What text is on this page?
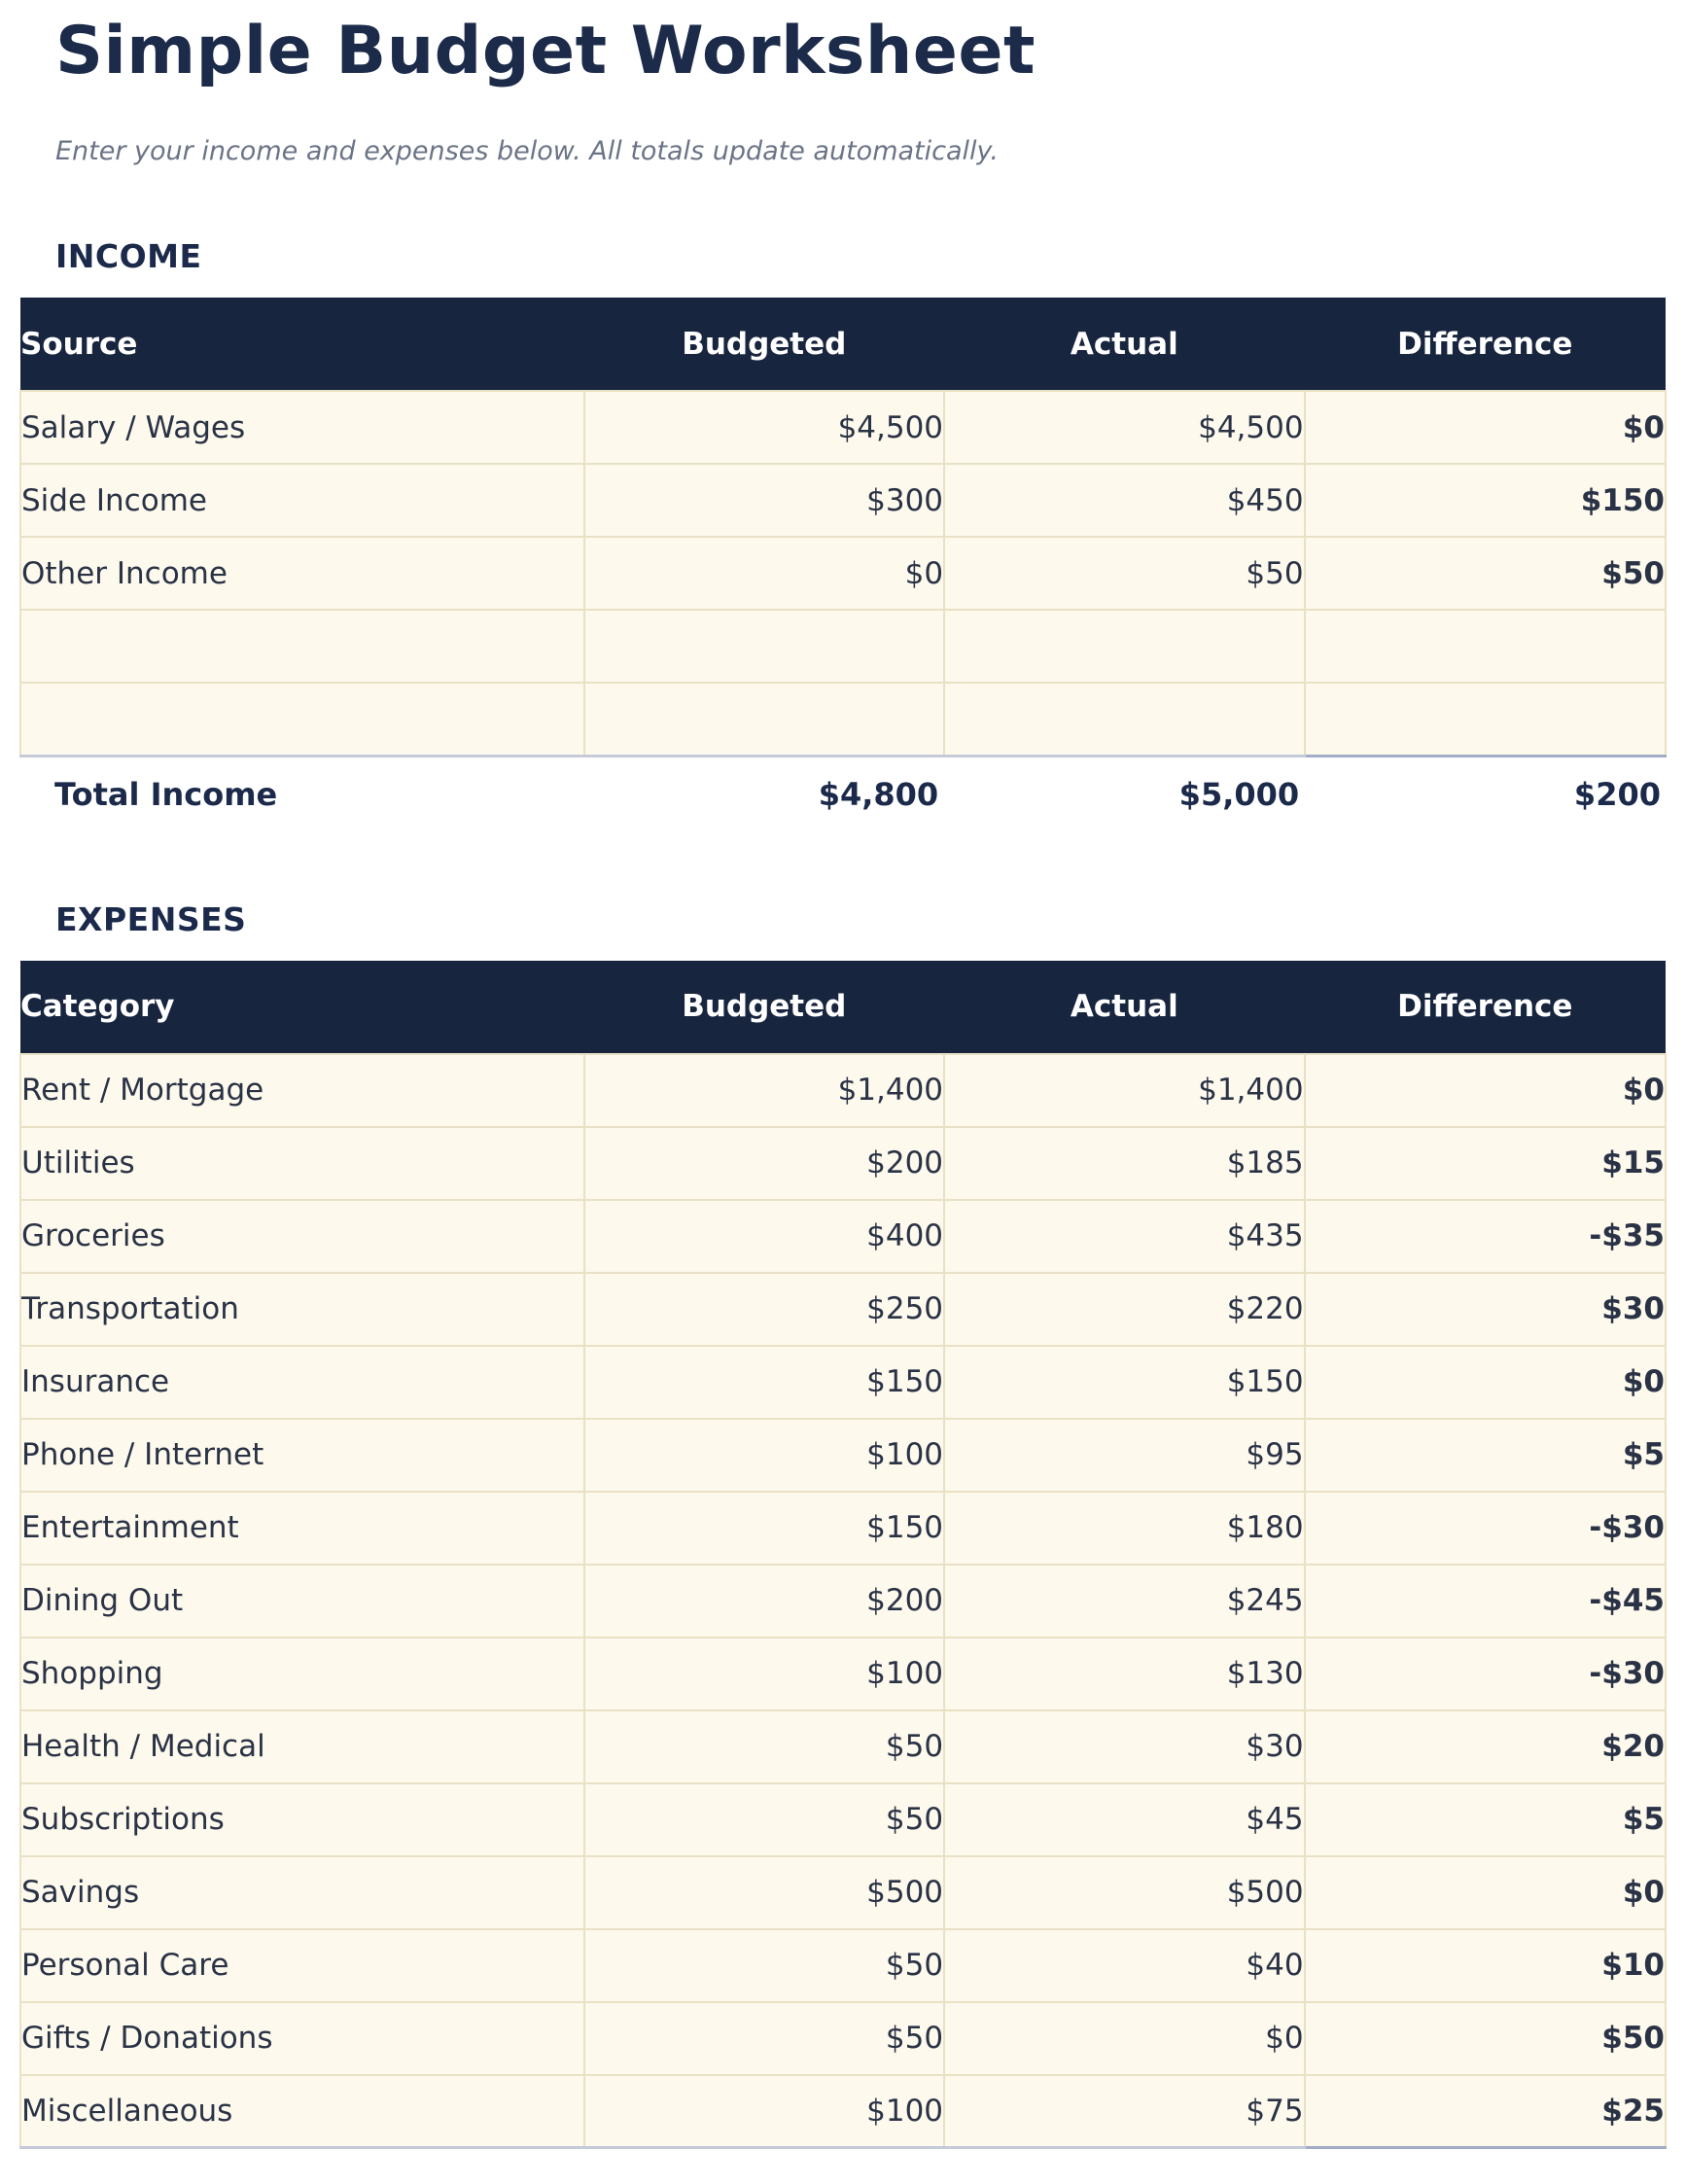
Simple Budget Worksheet

Enter your income and expenses below. All totals update automatically.

INCOME
Source	Budgeted	Actual	Difference
Salary / Wages	$4,500	$4,500	$0
Side Income	$300	$450	$150
Other Income	$0	$50	$50

Total Income	$4,800	$5,000	$200
EXPENSES
Category	Budgeted	Actual	Difference
Rent / Mortgage	$1,400	$1,400	$0
Utilities	$200	$185	$15
Groceries	$400	$435	-$35
Transportation	$250	$220	$30
Insurance	$150	$150	$0
Phone / Internet	$100	$95	$5
Entertainment	$150	$180	-$30
Dining Out	$200	$245	-$45
Shopping	$100	$130	-$30
Health / Medical	$50	$30	$20
Subscriptions	$50	$45	$5
Savings	$500	$500	$0
Personal Care	$50	$40	$10
Gifts / Donations	$50	$0	$50
Miscellaneous	$100	$75	$25
